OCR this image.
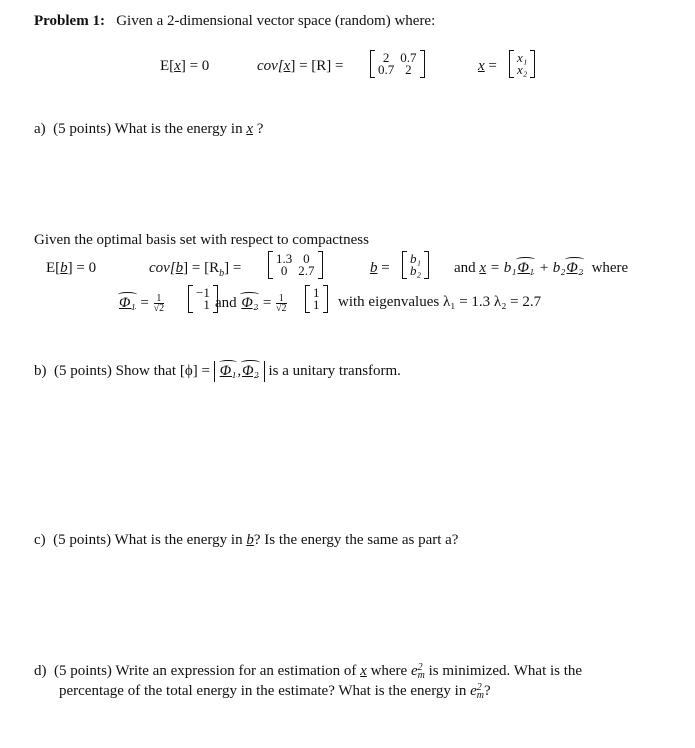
Problem 1: Given a 2-dimensional vector space (random) where:
E[x] = 0	cov[x] = [R] =
2	0.7
0.7	2	x =
x₁
x₂
a) (5 points) What is the energy in x ?
Given the optimal basis set with respect to compactness
E[b] = 0	$cov[b] = [R_b]$ =
1.3	0
0	2.7	b =
b₁
b₂ and x = b₁Φ₁ + b₂Φ₂ where
$\Phi_1 = \frac{1}{√2}$
−1
1 and $\Phi_2 = \frac{1}{√2}$
1
1 with eigenvalues λ₁ = 1.3 λ₂ = 2.7
b) (5 points) Show that [ϕ] = Φ₁,Φ₂ is a unitary transform.
c) (5 points) What is the energy in b? Is the energy the same as part a?
d) (5 points) Write an expression for an estimation of x where e 2
m is minimized. What is the
percentage of the total energy in the estimate? What is the energy in e 2
m ?
